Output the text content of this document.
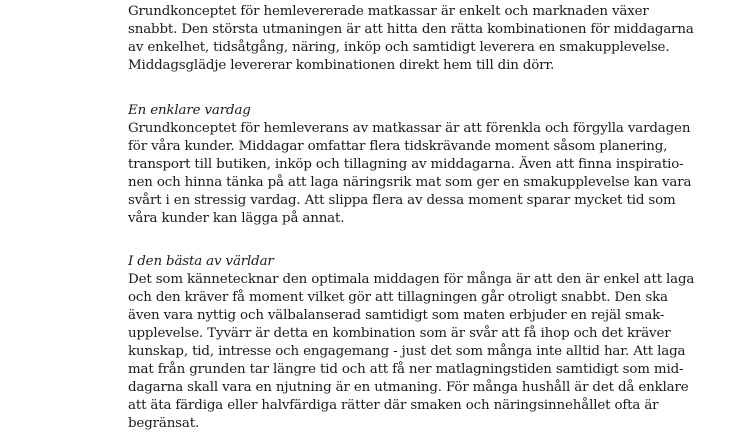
Grundkonceptet för hemlevererade matkassar är enkelt och marknaden växer
snabbt. Den största utmaningen är att hitta den rätta kombinationen för middagarna
av enkelhet, tidsåtgång, näring, inköp och samtidigt leverera en smakupplevelse.
Middagsglädje levererar kombinationen direkt hem till din dörr.
En enklare vardag
Grundkonceptet för hemleverans av matkassar är att förenkla och förgylla vardagen
för våra kunder. Middagar omfattar flera tidskrävande moment såsom planering,
transport till butiken, inköp och tillagning av middagarna. Även att finna inspiratio-
nen och hinna tänka på att laga näringsrik mat som ger en smakupplevelse kan vara
svårt i en stressig vardag. Att slippa flera av dessa moment sparar mycket tid som
våra kunder kan lägga på annat.
I den bästa av världar
Det som kännetecknar den optimala middagen för många är att den är enkel att laga
och den kräver få moment vilket gör att tillagningen går otroligt snabbt. Den ska
även vara nyttig och välbalanserad samtidigt som maten erbjuder en rejäl smak-
upplevelse. Tyvärr är detta en kombination som är svår att få ihop och det kräver
kunskap, tid, intresse och engagemang - just det som många inte alltid har. Att laga
mat från grunden tar längre tid och att få ner matlagningstiden samtidigt som mid-
dagarna skall vara en njutning är en utmaning. För många hushåll är det då enklare
att äta färdiga eller halvfärdiga rätter där smaken och näringsinnehållet ofta är
begränsat.
